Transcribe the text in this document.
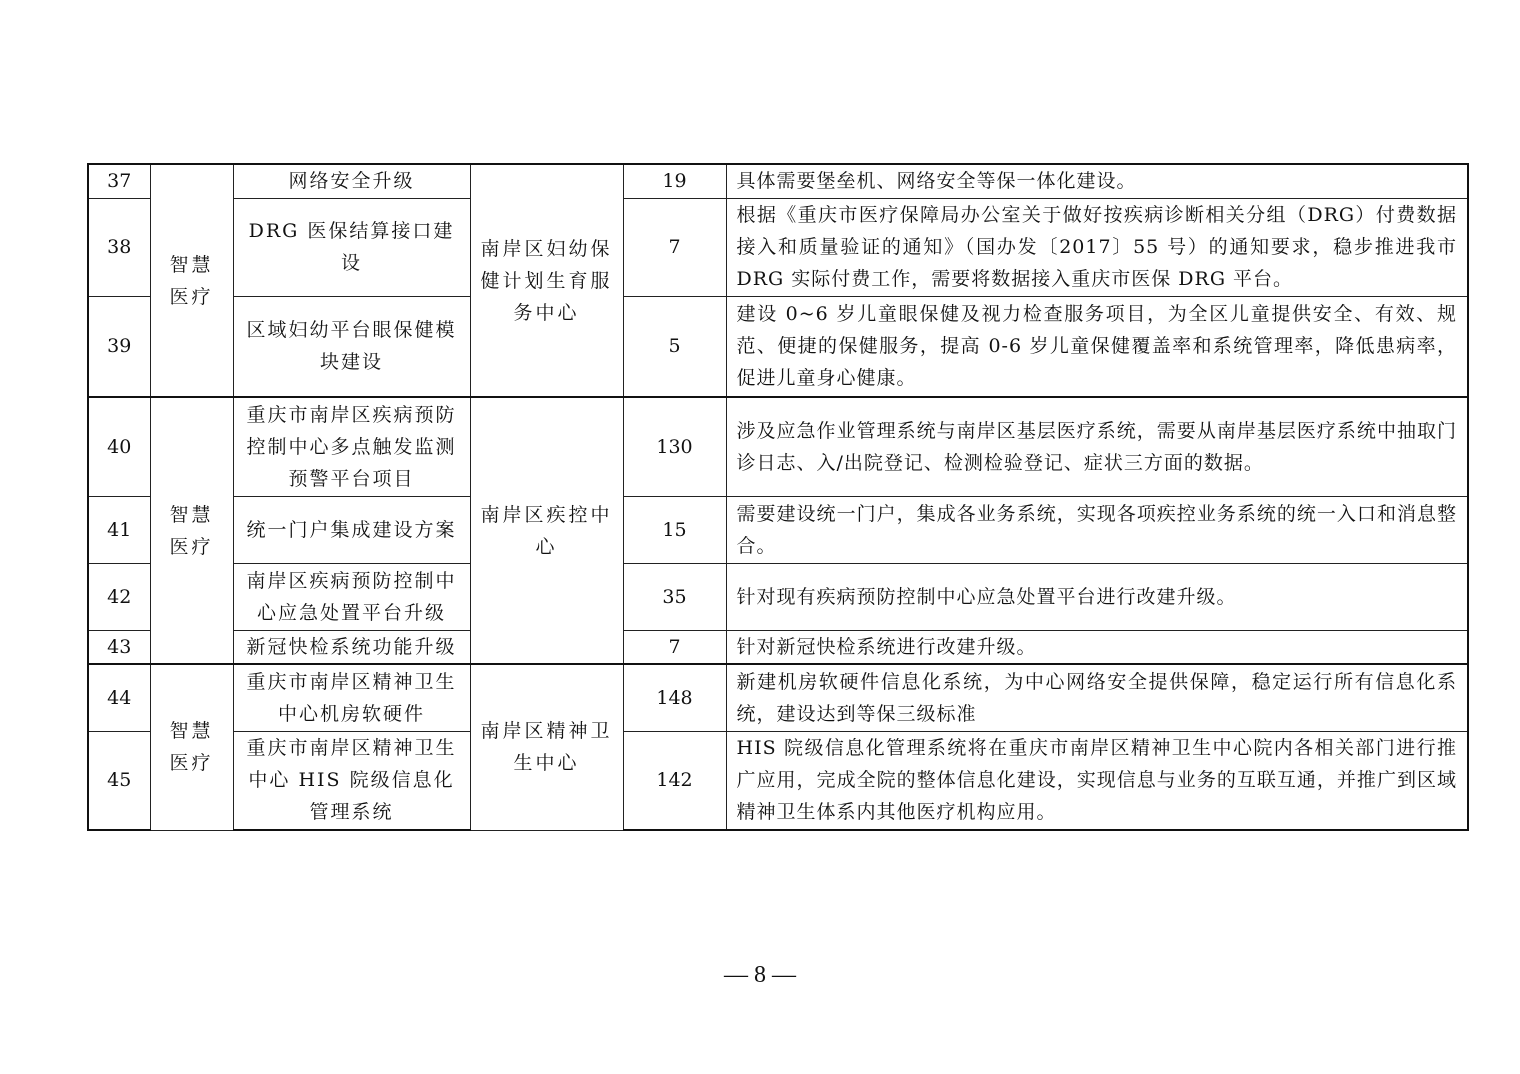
37	智慧医疗	网络安全升级	南岸区妇幼保健计划生育服务中心	19	具体需要堡垒机、网络安全等保一体化建设。
38		DRG 医保结算接口建设		7	根据《重庆市医疗保障局办公室关于做好按疾病诊断相关分组（DRG）付费数据接入和质量验证的通知》（国办发〔2017〕55 号）的通知要求，稳步推进我市 DRG 实际付费工作，需要将数据接入重庆市医保 DRG 平台。
39		区域妇幼平台眼保健模块建设		5	建设 0~6 岁儿童眼保健及视力检查服务项目，为全区儿童提供安全、有效、规范、便捷的保健服务，提高 0-6 岁儿童保健覆盖率和系统管理率，降低患病率，促进儿童身心健康。
40	智慧医疗	重庆市南岸区疾病预防控制中心多点触发监测预警平台项目	南岸区疾控中心	130	涉及应急作业管理系统与南岸区基层医疗系统，需要从南岸基层医疗系统中抽取门诊日志、入/出院登记、检测检验登记、症状三方面的数据。
41		统一门户集成建设方案		15	需要建设统一门户，集成各业务系统，实现各项疾控业务系统的统一入口和消息整合。
42		南岸区疾病预防控制中心应急处置平台升级		35	针对现有疾病预防控制中心应急处置平台进行改建升级。
43		新冠快检系统功能升级		7	针对新冠快检系统进行改建升级。
44	智慧医疗	重庆市南岸区精神卫生中心机房软硬件	南岸区精神卫生中心	148	新建机房软硬件信息化系统，为中心网络安全提供保障，稳定运行所有信息化系统，建设达到等保三级标准
45		重庆市南岸区精神卫生中心 HIS 院级信息化管理系统		142	HIS 院级信息化管理系统将在重庆市南岸区精神卫生中心院内各相关部门进行推广应用，完成全院的整体信息化建设，实现信息与业务的互联互通，并推广到区域精神卫生体系内其他医疗机构应用。
— 8 —
